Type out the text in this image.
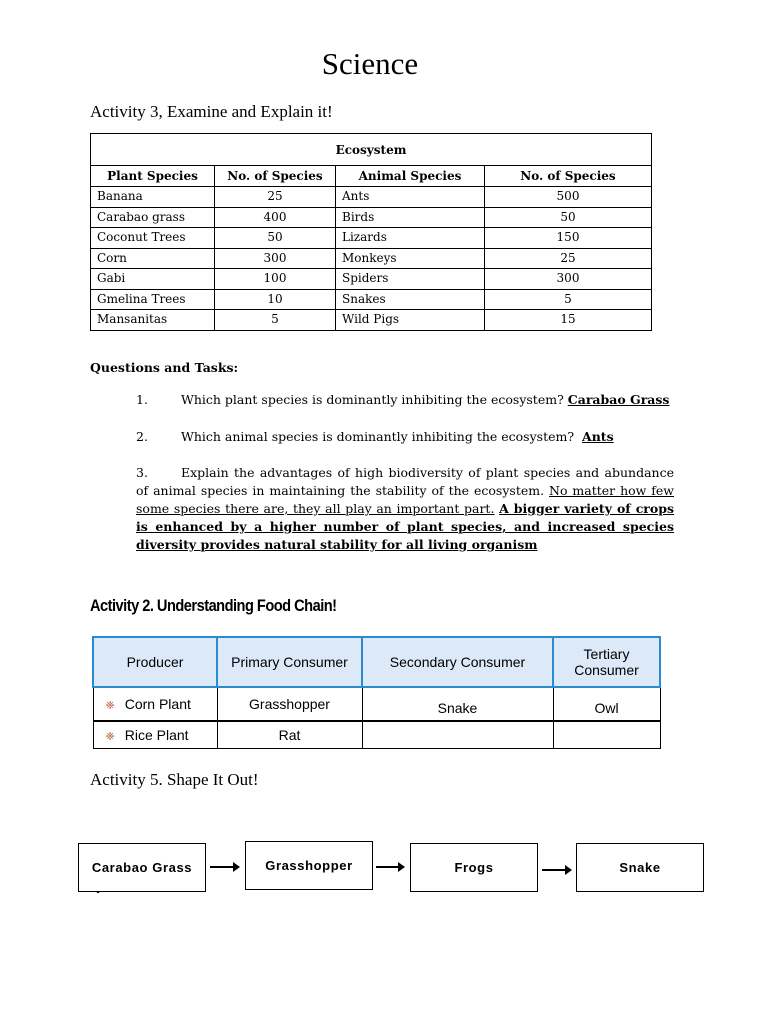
Science
Activity 3, Examine and Explain it!
Ecosystem			
Plant Species	No. of Species	Animal Species	No. of Species
Banana	25	Ants	500
Carabao grass	400	Birds	50
Coconut Trees	50	Lizards	150
Corn	300	Monkeys	25
Gabi	100	Spiders	300
Gmelina Trees	10	Snakes	5
Mansanitas	5	Wild Pigs	15
Questions and Tasks:
1.	Which plant species is dominantly inhibiting the ecosystem? Carabao Grass
2.	Which animal species is dominantly inhibiting the ecosystem? Ants
3.	Explain the advantages of high biodiversity of plant species and abundance of animal species in maintaining the stability of the ecosystem. No matter how few some species there are, they all play an important part. A bigger variety of crops is enhanced by a higher number of plant species, and increased species diversity provides natural stability for all living organism
Activity 2. Understanding Food Chain!
Producer	Primary Consumer	Secondary Consumer	Tertiary Consumer
❈ Corn Plant	Grasshopper	Snake	Owl
❈ Rice Plant	Rat		
Activity 5. Shape It Out!
Carabao Grass	Grasshopper	Frogs	Snake
